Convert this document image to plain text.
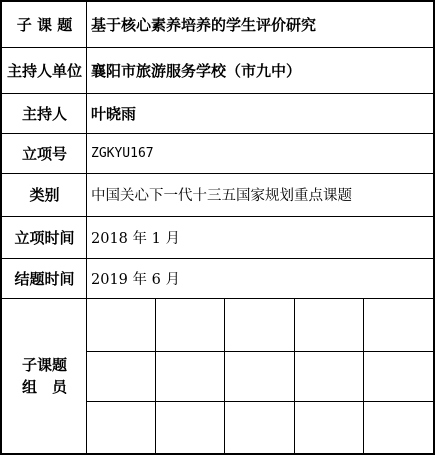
子 课 题	基于核心素养培养的学生评价研究
主持人单位 襄阳市旅游服务学校（市九中）
主持人	叶晓雨
立项号	ZGKYU167
类别	中国关心下一代十三五国家规划重点课题
立项时间	2018 年 1 月
结题时间	2019 年 6 月
子课题
组　员
